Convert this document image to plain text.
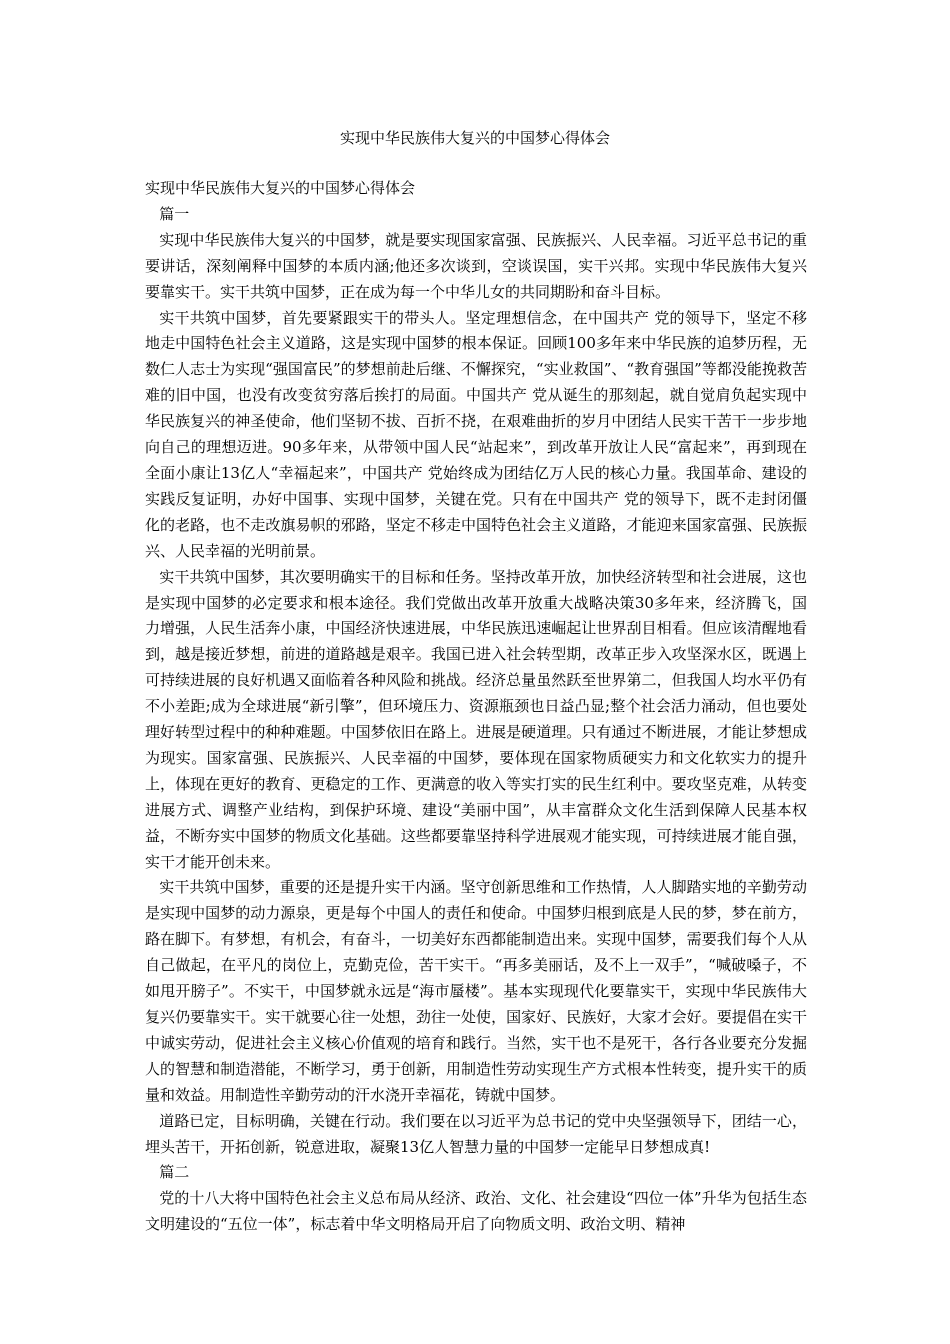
实现中华民族伟大复兴的中国梦心得体会

实现中华民族伟大复兴的中国梦心得体会

篇一

实现中华民族伟大复兴的中国梦，就是要实现国家富强、民族振兴、人民幸福。习近平总书记的重要讲话，深刻阐释中国梦的本质内涵;他还多次谈到，空谈误国，实干兴邦。实现中华民族伟大复兴要靠实干。实干共筑中国梦，正在成为每一个中华儿女的共同期盼和奋斗目标。

实干共筑中国梦，首先要紧跟实干的带头人。坚定理想信念，在中国共产 党的领导下，坚定不移地走中国特色社会主义道路，这是实现中国梦的根本保证。回顾100多年来中华民族的追梦历程，无数仁人志士为实现“强国富民”的梦想前赴后继、不懈探究，“实业救国”、“教育强国”等都没能挽救苦难的旧中国，也没有改变贫穷落后挨打的局面。中国共产 党从诞生的那刻起，就自觉肩负起实现中华民族复兴的神圣使命，他们坚韧不拔、百折不挠，在艰难曲折的岁月中团结人民实干苦干一步步地向自己的理想迈进。90多年来，从带领中国人民“站起来”，到改革开放让人民“富起来”，再到现在全面小康让13亿人“幸福起来”，中国共产 党始终成为团结亿万人民的核心力量。我国革命、建设的实践反复证明，办好中国事、实现中国梦，关键在党。只有在中国共产 党的领导下，既不走封闭僵化的老路，也不走改旗易帜的邪路，坚定不移走中国特色社会主义道路，才能迎来国家富强、民族振兴、人民幸福的光明前景。

实干共筑中国梦，其次要明确实干的目标和任务。坚持改革开放，加快经济转型和社会进展，这也是实现中国梦的必定要求和根本途径。我们党做出改革开放重大战略决策30多年来，经济腾飞，国力增强，人民生活奔小康，中国经济快速进展，中华民族迅速崛起让世界刮目相看。但应该清醒地看到，越是接近梦想，前进的道路越是艰辛。我国已进入社会转型期，改革正步入攻坚深水区，既遇上可持续进展的良好机遇又面临着各种风险和挑战。经济总量虽然跃至世界第二，但我国人均水平仍有不小差距;成为全球进展“新引擎”，但环境压力、资源瓶颈也日益凸显;整个社会活力涌动，但也要处理好转型过程中的种种难题。中国梦依旧在路上。进展是硬道理。只有通过不断进展，才能让梦想成为现实。国家富强、民族振兴、人民幸福的中国梦，要体现在国家物质硬实力和文化软实力的提升上，体现在更好的教育、更稳定的工作、更满意的收入等实打实的民生红利中。要攻坚克难，从转变进展方式、调整产业结构，到保护环境、建设“美丽中国”，从丰富群众文化生活到保障人民基本权益，不断夯实中国梦的物质文化基础。这些都要靠坚持科学进展观才能实现，可持续进展才能自强，实干才能开创未来。

实干共筑中国梦，重要的还是提升实干内涵。坚守创新思维和工作热情，人人脚踏实地的辛勤劳动是实现中国梦的动力源泉，更是每个中国人的责任和使命。中国梦归根到底是人民的梦，梦在前方，路在脚下。有梦想，有机会，有奋斗，一切美好东西都能制造出来。实现中国梦，需要我们每个人从自己做起，在平凡的岗位上，克勤克俭，苦干实干。“再多美丽话，及不上一双手”，“喊破嗓子，不如甩开膀子”。不实干，中国梦就永远是“海市蜃楼”。基本实现现代化要靠实干，实现中华民族伟大复兴仍要靠实干。实干就要心往一处想，劲往一处使，国家好、民族好，大家才会好。要提倡在实干中诚实劳动，促进社会主义核心价值观的培育和践行。当然，实干也不是死干，各行各业要充分发掘人的智慧和制造潜能，不断学习，勇于创新，用制造性劳动实现生产方式根本性转变，提升实干的质量和效益。用制造性辛勤劳动的汗水浇开幸福花，铸就中国梦。

道路已定，目标明确，关键在行动。我们要在以习近平为总书记的党中央坚强领导下，团结一心，埋头苦干，开拓创新，锐意进取，凝聚13亿人智慧力量的中国梦一定能早日梦想成真!

篇二

党的十八大将中国特色社会主义总布局从经济、政治、文化、社会建设“四位一体”升华为包括生态文明建设的“五位一体”，标志着中华文明格局开启了向物质文明、政治文明、精神
